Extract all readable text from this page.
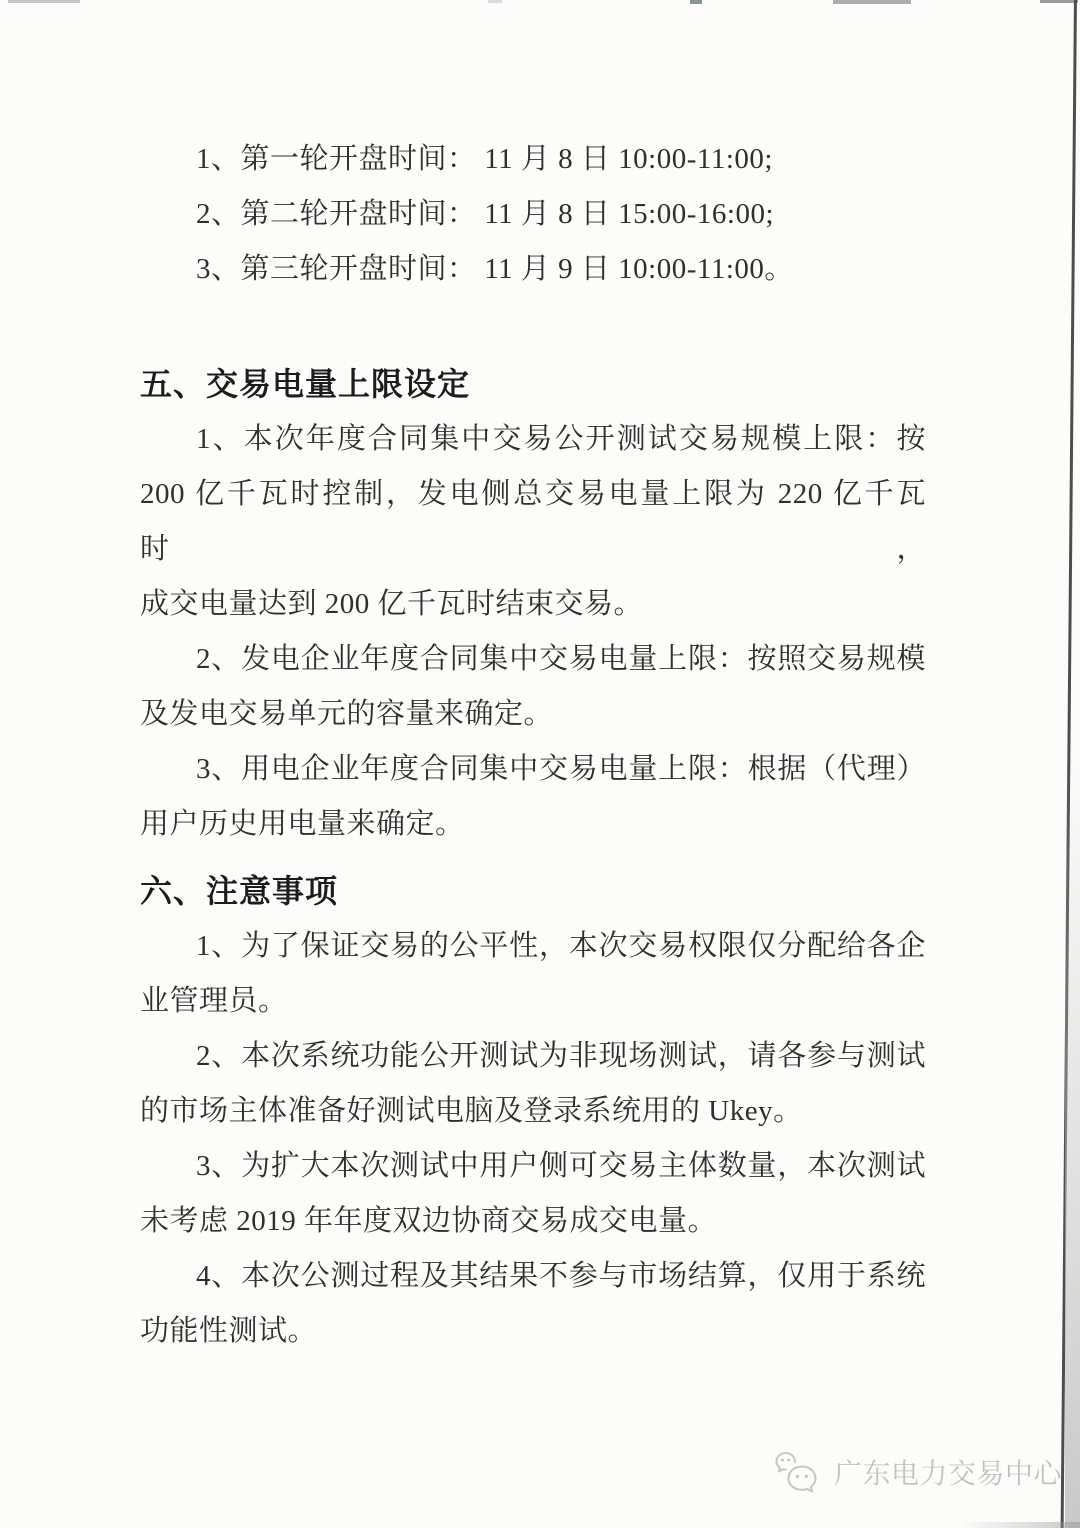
1、第一轮开盘时间： 11 月 8 日 10:00-11:00;
2、第二轮开盘时间： 11 月 8 日 15:00-16:00;
3、第三轮开盘时间： 11 月 9 日 10:00-11:00。
五、交易电量上限设定
1、本次年度合同集中交易公开测试交易规模上限：按
200 亿千瓦时控制，发电侧总交易电量上限为 220 亿千瓦时，
成交电量达到 200 亿千瓦时结束交易。
2、发电企业年度合同集中交易电量上限：按照交易规模
及发电交易单元的容量来确定。
3、用电企业年度合同集中交易电量上限：根据（代理）
用户历史用电量来确定。
六、注意事项
1、为了保证交易的公平性，本次交易权限仅分配给各企
业管理员。
2、本次系统功能公开测试为非现场测试，请各参与测试
的市场主体准备好测试电脑及登录系统用的 Ukey。
3、为扩大本次测试中用户侧可交易主体数量，本次测试
未考虑 2019 年年度双边协商交易成交电量。
4、本次公测过程及其结果不参与市场结算，仅用于系统
功能性测试。
广东电力交易中心
